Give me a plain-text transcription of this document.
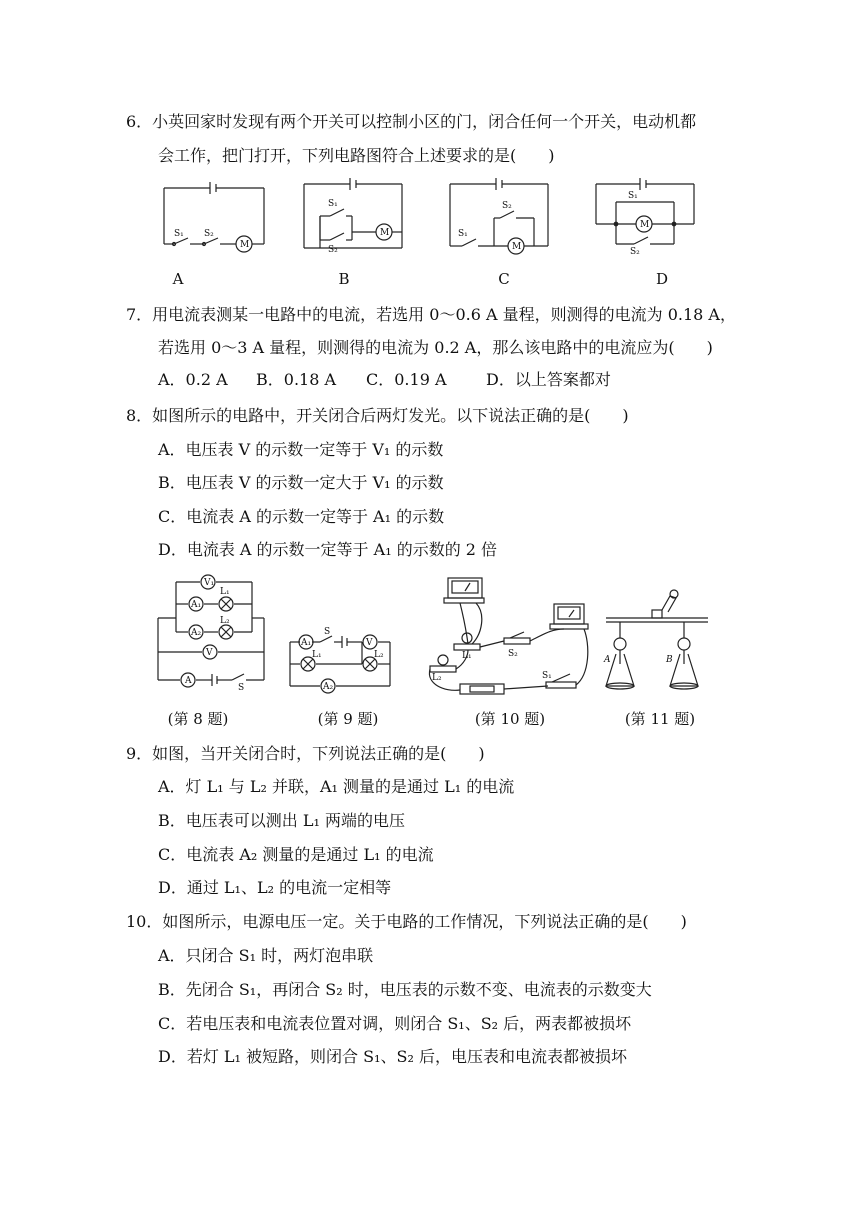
6．小英回家时发现有两个开关可以控制小区的门，闭合任何一个开关，电动机都
会工作，把门打开，下列电路图符合上述要求的是(　　)
S₁ S₂
M
A
S₁
S₂
M
B
S₁
S₂
M
C
S₁
S₂
M
D
7．用电流表测某一电路中的电流，若选用 0～0.6 A 量程，则测得的电流为 0.18 A，
若选用 0～3 A 量程，则测得的电流为 0.2 A，那么该电路中的电流应为(　　)
A．0.2 A B．0.18 A C．0.19 A D．以上答案都对
8．如图所示的电路中，开关闭合后两灯发光。以下说法正确的是(　　)
A．电压表 V 的示数一定等于 V₁ 的示数
B．电压表 V 的示数一定大于 V₁ 的示数
C．电流表 A 的示数一定等于 A₁ 的示数
D．电流表 A 的示数一定等于 A₁ 的示数的 2 倍
V₁
L₁
A₁
L₂
A₂
V
A
S
(第 8 题)
A₁
S
V
L₁	L₂
A₂
(第 9 题)
L₁	S₂
L₂	S₁
(第 10 题)
A	B
(第 11 题)
9．如图，当开关闭合时，下列说法正确的是(　　)
A．灯 L₁ 与 L₂ 并联，A₁ 测量的是通过 L₁ 的电流
B．电压表可以测出 L₁ 两端的电压
C．电流表 A₂ 测量的是通过 L₁ 的电流
D．通过 L₁、L₂ 的电流一定相等
10．如图所示，电源电压一定。关于电路的工作情况，下列说法正确的是(　　)
A．只闭合 S₁ 时，两灯泡串联
B．先闭合 S₁，再闭合 S₂ 时，电压表的示数不变、电流表的示数变大
C．若电压表和电流表位置对调，则闭合 S₁、S₂ 后，两表都被损坏
D．若灯 L₁ 被短路，则闭合 S₁、S₂ 后，电压表和电流表都被损坏
